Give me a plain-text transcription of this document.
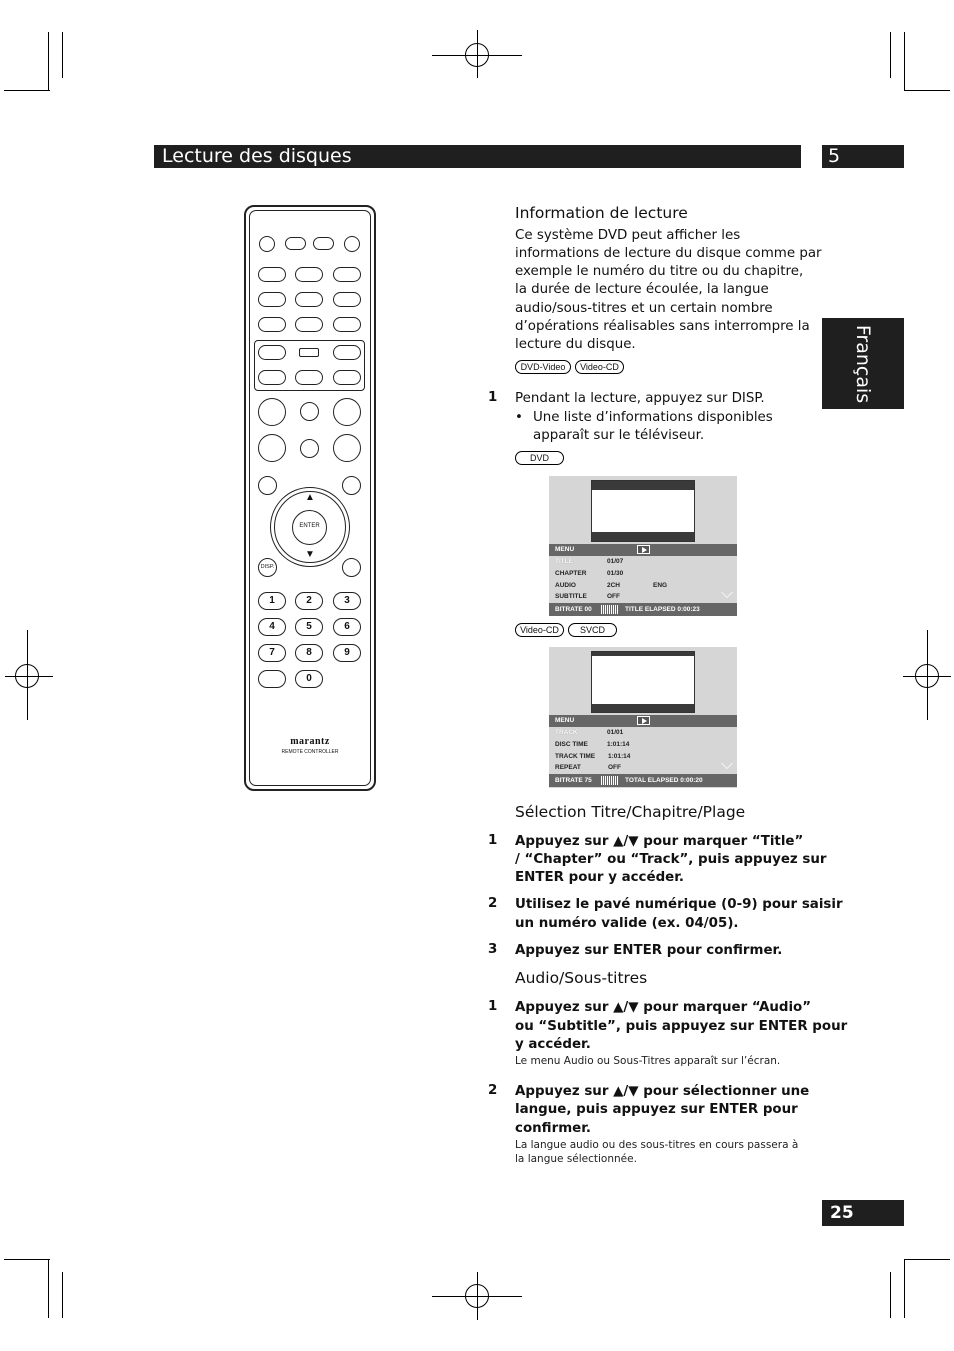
Lecture des disques	5
Français
25
ENTER
▲
▼
DISP.
1	2	3
4	5	6
7	8	9
0
marantz
REMOTE CONTROLLER
Information de lecture
Ce système DVD peut afficher les
informations de lecture du disque comme par
exemple le numéro du titre ou du chapitre,
la durée de lecture écoulée, la langue
audio/sous-titres et un certain nombre
d’opérations réalisables sans interrompre la
lecture du disque.
DVD-Video	Video-CD
1 Pendant la lecture, appuyez sur DISP.
• Une liste d’informations disponibles
apparaît sur le téléviseur.
DVD
MENU
TITLE	01/07
CHAPTER	01/30
AUDIO	2CH	ENG
SUBTITLE	OFF
BITRATE 00	TITLE ELAPSED 0:00:23
Video-CD	SVCD
MENU
TRACK	01/01
DISC TIME	1:01:14
TRACK TIME 1:01:14
REPEAT	OFF
BITRATE 75	TOTAL ELAPSED 0:00:20
Sélection Titre/Chapitre/Plage
1 Appuyez sur ▲/▼ pour marquer “Title”
/ “Chapter” ou “Track”, puis appuyez sur
ENTER pour y accéder.
2 Utilisez le pavé numérique (0-9) pour saisir
un numéro valide (ex. 04/05).
3 Appuyez sur ENTER pour confirmer.
Audio/Sous-titres
1 Appuyez sur ▲/▼ pour marquer “Audio”
ou “Subtitle”, puis appuyez sur ENTER pour
y accéder.
Le menu Audio ou Sous-Titres apparaît sur l’écran.
2 Appuyez sur ▲/▼ pour sélectionner une
langue, puis appuyez sur ENTER pour
confirmer.
La langue audio ou des sous-titres en cours passera à
la langue sélectionnée.
